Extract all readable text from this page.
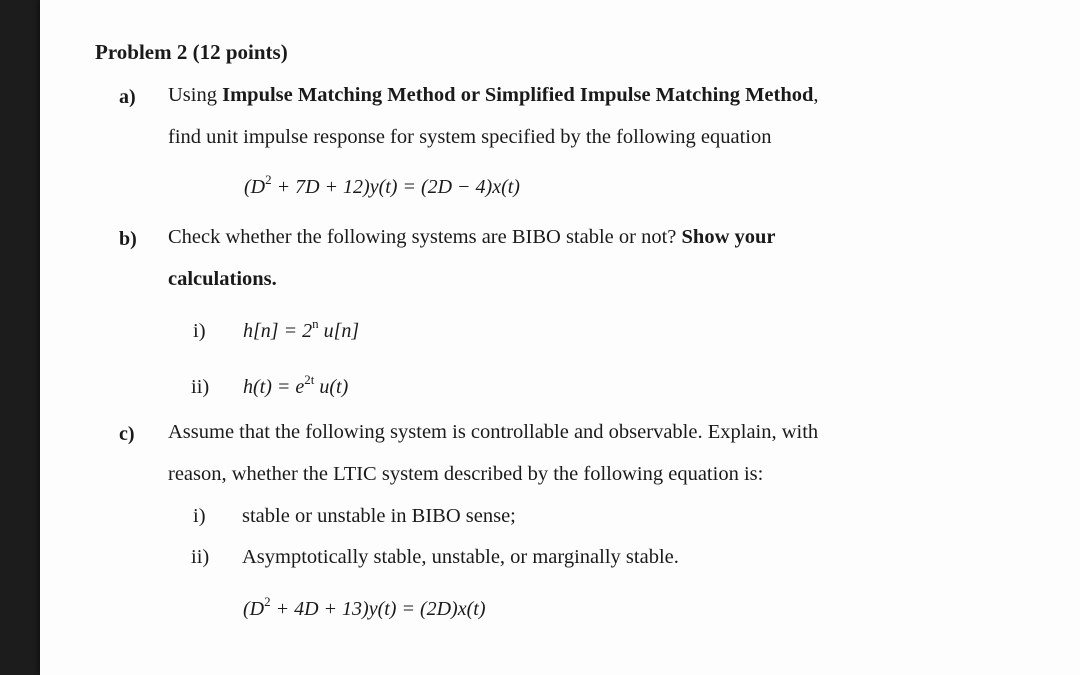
Problem 2 (12 points)
a) Using Impulse Matching Method or Simplified Impulse Matching Method,
find unit impulse response for system specified by the following equation
$(D^2 + 7D + 12)y(t) = (2D - 4)x(t)$
b) Check whether the following systems are BIBO stable or not? Show your
calculations.
i) $h[n] = 2^n$ u[n]
ii) $h(t) = e^{2t}$ u(t)
c) Assume that the following system is controllable and observable. Explain, with
reason, whether the LTIC system described by the following equation is:
i) stable or unstable in BIBO sense;
ii) Asymptotically stable, unstable, or marginally stable.
$(D^2 + 4D + 13)y(t) = (2D)x(t)$
